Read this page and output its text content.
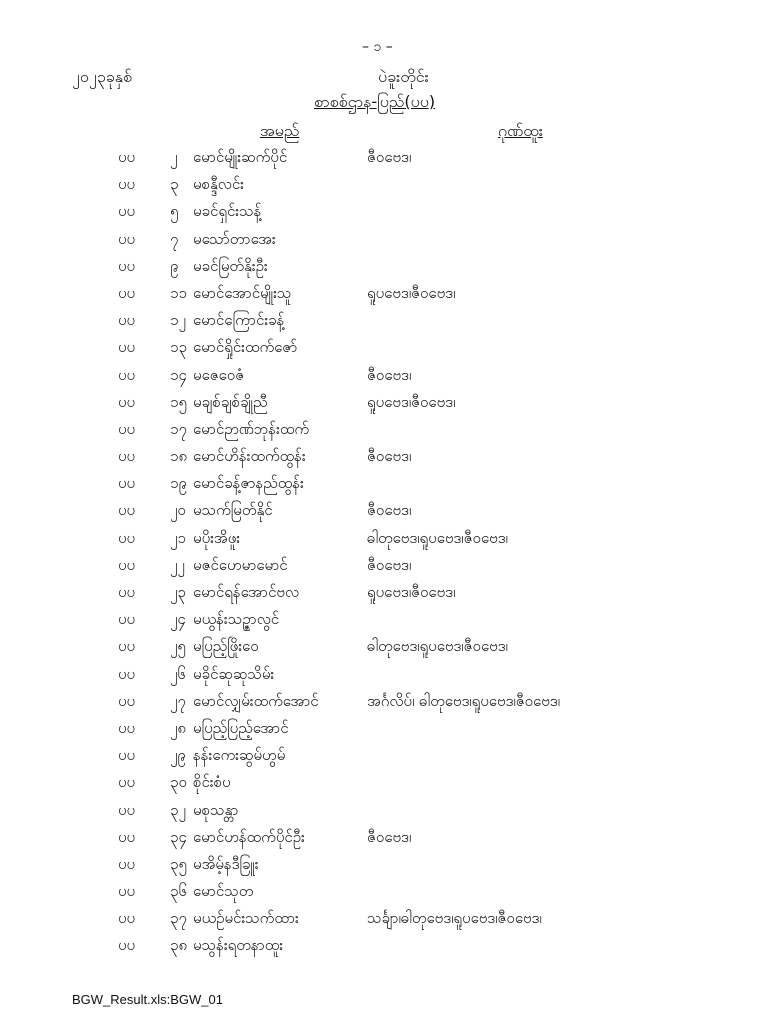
– ၁ –
၂၀၂၃ခုနှစ်	ပဲခူးတိုင်း
စာစစ်ဌာန-ပြည်(ပပ)
အမည်	ဂုဏ်ထူး
ပပ ၂ မောင်မျိုးဆက်ပိုင်	ဇီဝဗေဒ၊
ပပ ၃ မစန္ဒီလင်း
ပပ ၅ မခင်ရှင်းသန့်
ပပ ၇ မသော်တာအေး
ပပ ၉ မခင်မြတ်နိုးဦး
ပပ ၁၁ မောင်အောင်မျိုးသူ	ရူပဗေဒ၊ဇီဝဗေဒ၊
ပပ ၁၂ မောင်ကြောင်းခန့်
ပပ ၁၃ မောင်ရှိုင်းထက်ဇော်
ပပ ၁၄ မဇေဝေဇံ	ဇီဝဗေဒ၊
ပပ ၁၅ မချစ်ချစ်ချိုညီ	ရူပဗေဒ၊ဇီဝဗေဒ၊
ပပ ၁၇ မောင်ဉာဏ်ဘုန်းထက်
ပပ ၁၈ မောင်ဟိန်းထက်ထွန်း	ဇီဝဗေဒ၊
ပပ ၁၉ မောင်ခန့်ဇာနည်ထွန်း
ပပ ၂၀ မသက်မြတ်နိုင်	ဇီဝဗေဒ၊
ပပ ၂၁ မပိုးအိဖူး	ဓါတုဗေဒ၊ရူပဗေဒ၊ဇီဝဗေဒ၊
ပပ ၂၂ မဇင်ဟေမာမောင်	ဇီဝဗေဒ၊
ပပ ၂၃ မောင်ရန်အောင်ဗလ	ရူပဗေဒ၊ဇီဝဗေဒ၊
ပပ ၂၄ မယွန်းသဉ္ဇာလွင်
ပပ ၂၅ မပြည့်ဖြိုးဝေ	ဓါတုဗေဒ၊ရူပဗေဒ၊ဇီဝဗေဒ၊
ပပ ၂၆ မခိုင်ဆုဆုသိမ်း
ပပ ၂၇ မောင်လျှမ်းထက်အောင်	အင်္ဂလိပ်၊ ဓါတုဗေဒ၊ရူပဗေဒ၊ဇီဝဗေဒ၊
ပပ ၂၈ မပြည့်ပြည့်အောင်
ပပ ၂၉ နန်းကေးဆွမ်ဟွမ်
ပပ ၃၀ စိုင်းစံပ
ပပ ၃၂ မစုသန္တာ
ပပ ၃၄ မောင်ဟန်ထက်ပိုင်ဦး	ဇီဝဗေဒ၊
ပပ ၃၅ မအိမ့်နဒီခြူး
ပပ ၃၆ မောင်သုတ
ပပ ၃၇ မယဉ်မင်းသက်ထား	သင်္ချာ၊ဓါတုဗေဒ၊ရူပဗေဒ၊ဇီဝဗေဒ၊
ပပ ၃၈ မသွန်းရတနာထူး
BGW_Result.xls:BGW_01
